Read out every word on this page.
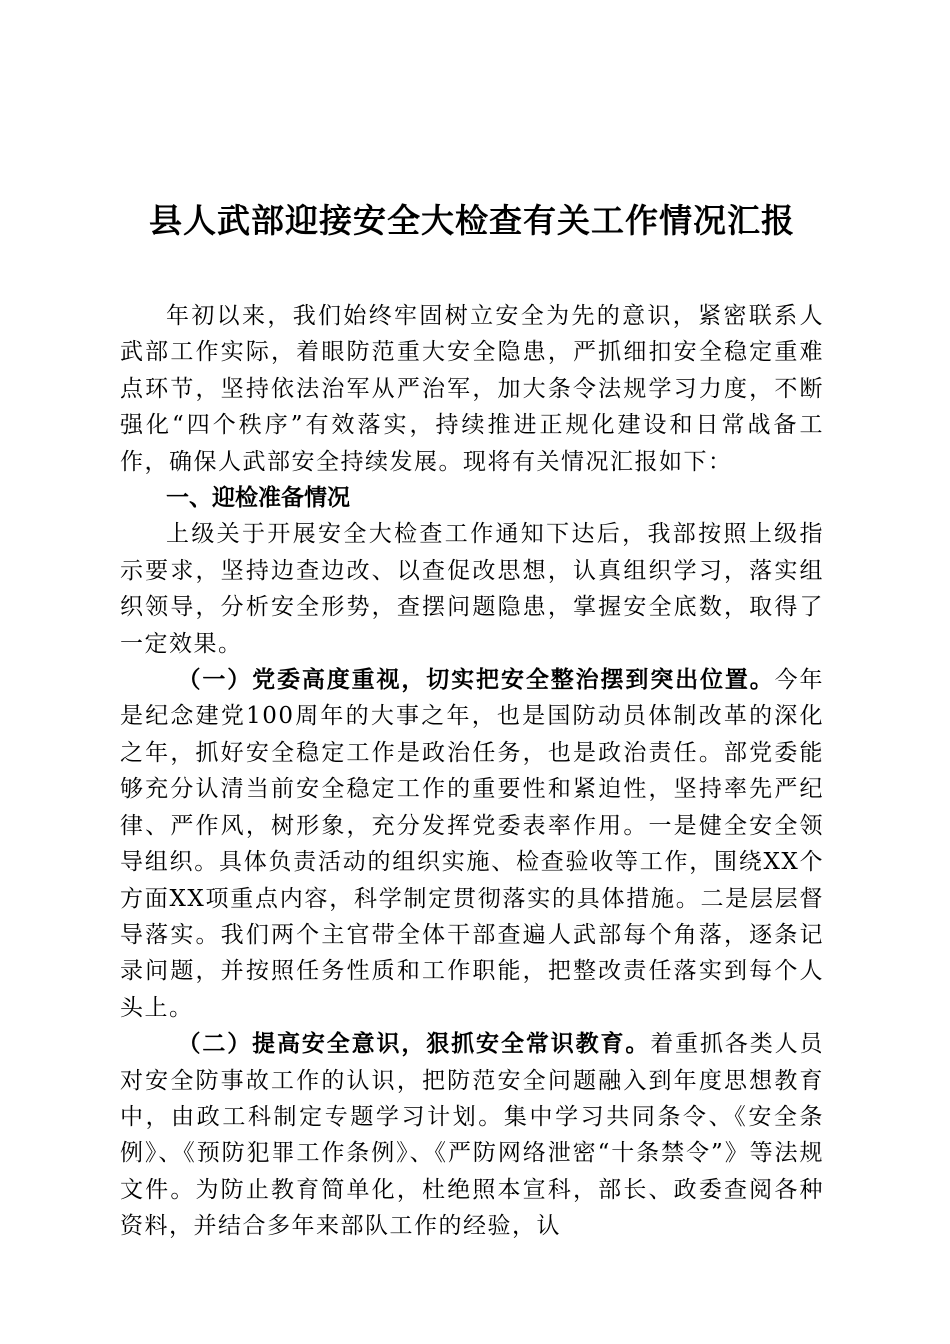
县人武部迎接安全大检查有关工作情况汇报

年初以来，我们始终牢固树立安全为先的意识，紧密联系人武部工作实际，着眼防范重大安全隐患，严抓细扣安全稳定重难点环节，坚持依法治军从严治军，加大条令法规学习力度，不断强化“四个秩序”有效落实，持续推进正规化建设和日常战备工作，确保人武部安全持续发展。现将有关情况汇报如下：

一、迎检准备情况

上级关于开展安全大检查工作通知下达后，我部按照上级指示要求，坚持边查边改、以查促改思想，认真组织学习，落实组织领导，分析安全形势，查摆问题隐患，掌握安全底数，取得了一定效果。

（一）党委高度重视，切实把安全整治摆到突出位置。今年是纪念建党100周年的大事之年，也是国防动员体制改革的深化之年，抓好安全稳定工作是政治任务，也是政治责任。部党委能够充分认清当前安全稳定工作的重要性和紧迫性，坚持率先严纪律、严作风，树形象，充分发挥党委表率作用。一是健全安全领导组织。具体负责活动的组织实施、检查验收等工作，围绕XX个方面XX项重点内容，科学制定贯彻落实的具体措施。二是层层督导落实。我们两个主官带全体干部查遍人武部每个角落，逐条记录问题，并按照任务性质和工作职能，把整改责任落实到每个人头上。

（二）提高安全意识，狠抓安全常识教育。着重抓各类人员对安全防事故工作的认识，把防范安全问题融入到年度思想教育中，由政工科制定专题学习计划。集中学习共同条令、《安全条例》、《预防犯罪工作条例》、《严防网络泄密“十条禁令”》等法规文件。为防止教育简单化，杜绝照本宣科，部长、政委查阅各种资料，并结合多年来部队工作的经验，认
